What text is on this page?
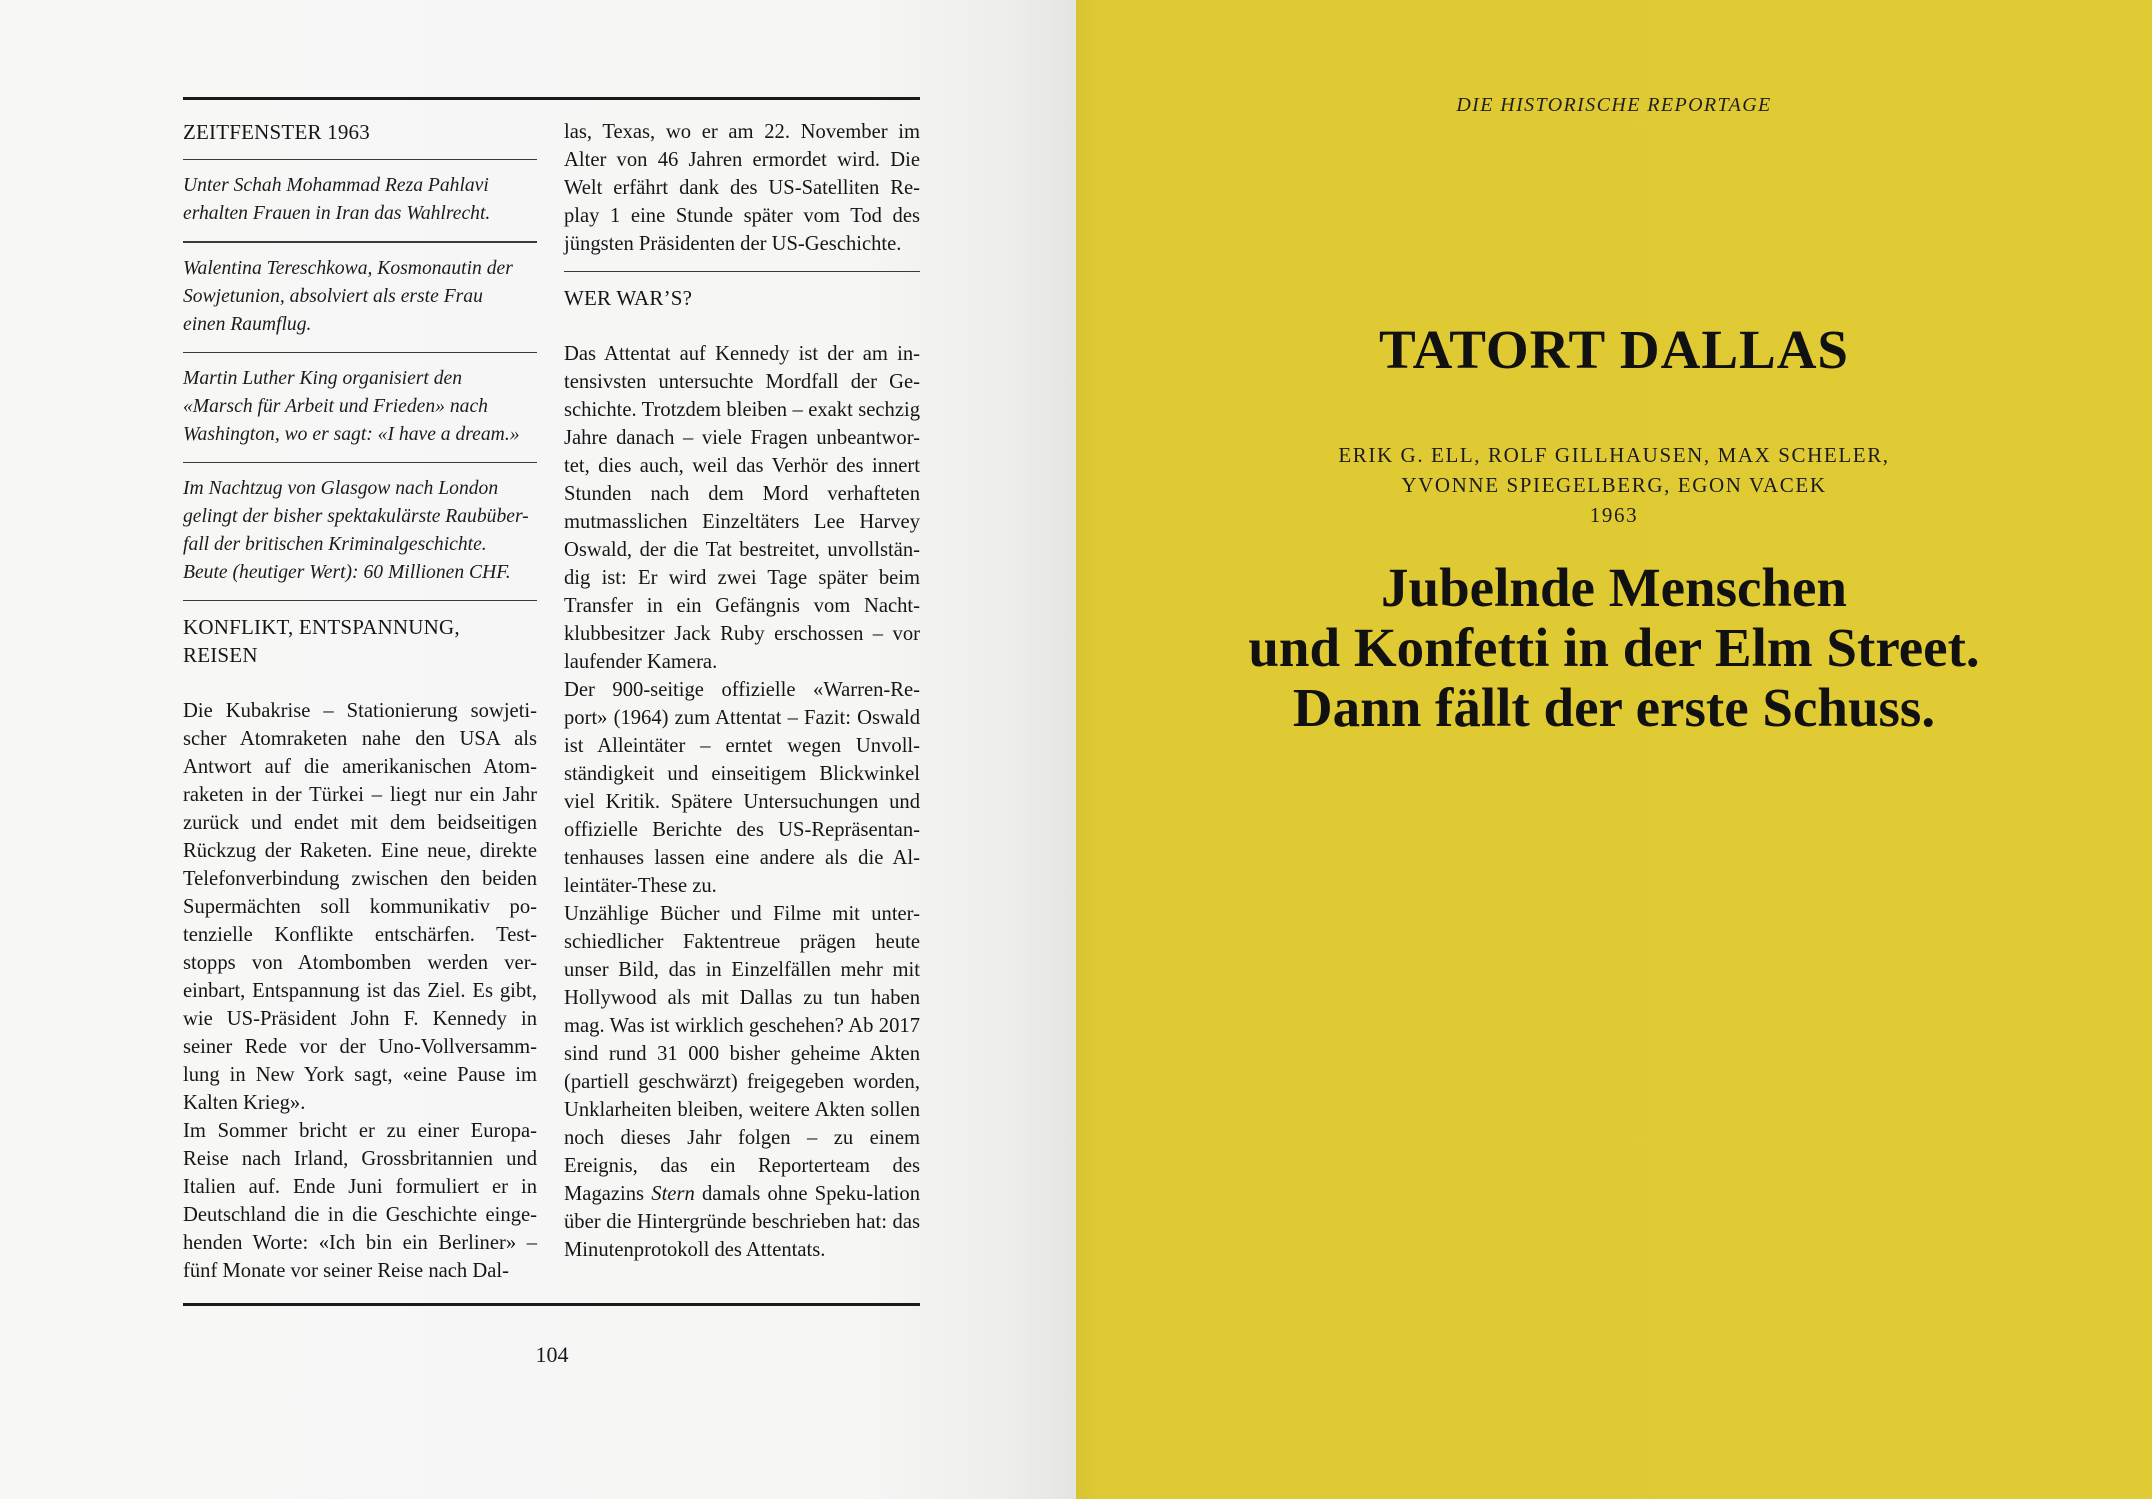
ZEITFENSTER 1963
Unter Schah Mohammad Reza Pahlavi
erhalten Frauen in Iran das Wahlrecht.
Walentina Tereschkowa, Kosmonautin der
Sowjetunion, absolviert als erste Frau
einen Raumflug.
Martin Luther King organisiert den
«Marsch für Arbeit und Frieden» nach
Washington, wo er sagt: «I have a dream.»
Im Nachtzug von Glasgow nach London
gelingt der bisher spektakulärste Raubüber-
fall der britischen Kriminalgeschichte.
Beute (heutiger Wert): 60 Millionen CHF.
KONFLIKT, ENTSPANNUNG, REISEN

Die Kubakrise – Stationierung sowjeti-scher Atomraketen nahe den USA als Antwort auf die amerikanischen Atom-raketen in der Türkei – liegt nur ein Jahr zurück und endet mit dem beidseitigen Rückzug der Raketen. Eine neue, direkte Telefonverbindung zwischen den beiden Supermächten soll kommunikativ po-tenzielle Konflikte entschärfen. Test-stopps von Atombomben werden ver-einbart, Entspannung ist das Ziel. Es gibt, wie US-Präsident John F. Kennedy in seiner Rede vor der Uno-Vollversamm-lung in New York sagt, «eine Pause im Kalten Krieg».

Im Sommer bricht er zu einer Europa-Reise nach Irland, Grossbritannien und Italien auf. Ende Juni formuliert er in Deutschland die in die Geschichte einge-henden Worte: «Ich bin ein Berliner» – fünf Monate vor seiner Reise nach Dal-

las, Texas, wo er am 22. November im Alter von 46 Jahren ermordet wird. Die Welt erfährt dank des US-Satelliten Re-play 1 eine Stunde später vom Tod des jüngsten Präsidenten der US-Geschichte.

WER WAR’S?

Das Attentat auf Kennedy ist der am in-tensivsten untersuchte Mordfall der Ge-schichte. Trotzdem bleiben – exakt sechzig Jahre danach – viele Fragen unbeantwor-tet, dies auch, weil das Verhör des innert Stunden nach dem Mord verhafteten mutmasslichen Einzeltäters Lee Harvey Oswald, der die Tat bestreitet, unvollstän-dig ist: Er wird zwei Tage später beim Transfer in ein Gefängnis vom Nacht-klubbesitzer Jack Ruby erschossen – vor laufender Kamera.

Der 900-seitige offizielle «Warren-Re-port» (1964) zum Attentat – Fazit: Oswald ist Alleintäter – erntet wegen Unvoll-ständigkeit und einseitigem Blickwinkel viel Kritik. Spätere Untersuchungen und offizielle Berichte des US-Repräsentan-tenhauses lassen eine andere als die Al-leintäter-These zu.

Unzählige Bücher und Filme mit unter-schiedlicher Faktentreue prägen heute unser Bild, das in Einzelfällen mehr mit Hollywood als mit Dallas zu tun haben mag. Was ist wirklich geschehen? Ab 2017 sind rund 31 000 bisher geheime Akten (partiell geschwärzt) freigegeben worden, Unklarheiten bleiben, weitere Akten sollen noch dieses Jahr folgen – zu einem Ereignis, das ein Reporterteam des Magazins Stern damals ohne Speku-lation über die Hintergründe beschrieben hat: das Minutenprotokoll des Attentats.

104
DIE HISTORISCHE REPORTAGE
TATORT DALLAS
ERIK G. ELL, ROLF GILLHAUSEN, MAX SCHELER,
YVONNE SPIEGELBERG, EGON VACEK
1963
Jubelnde Menschen
und Konfetti in der Elm Street.
Dann fällt der erste Schuss.
